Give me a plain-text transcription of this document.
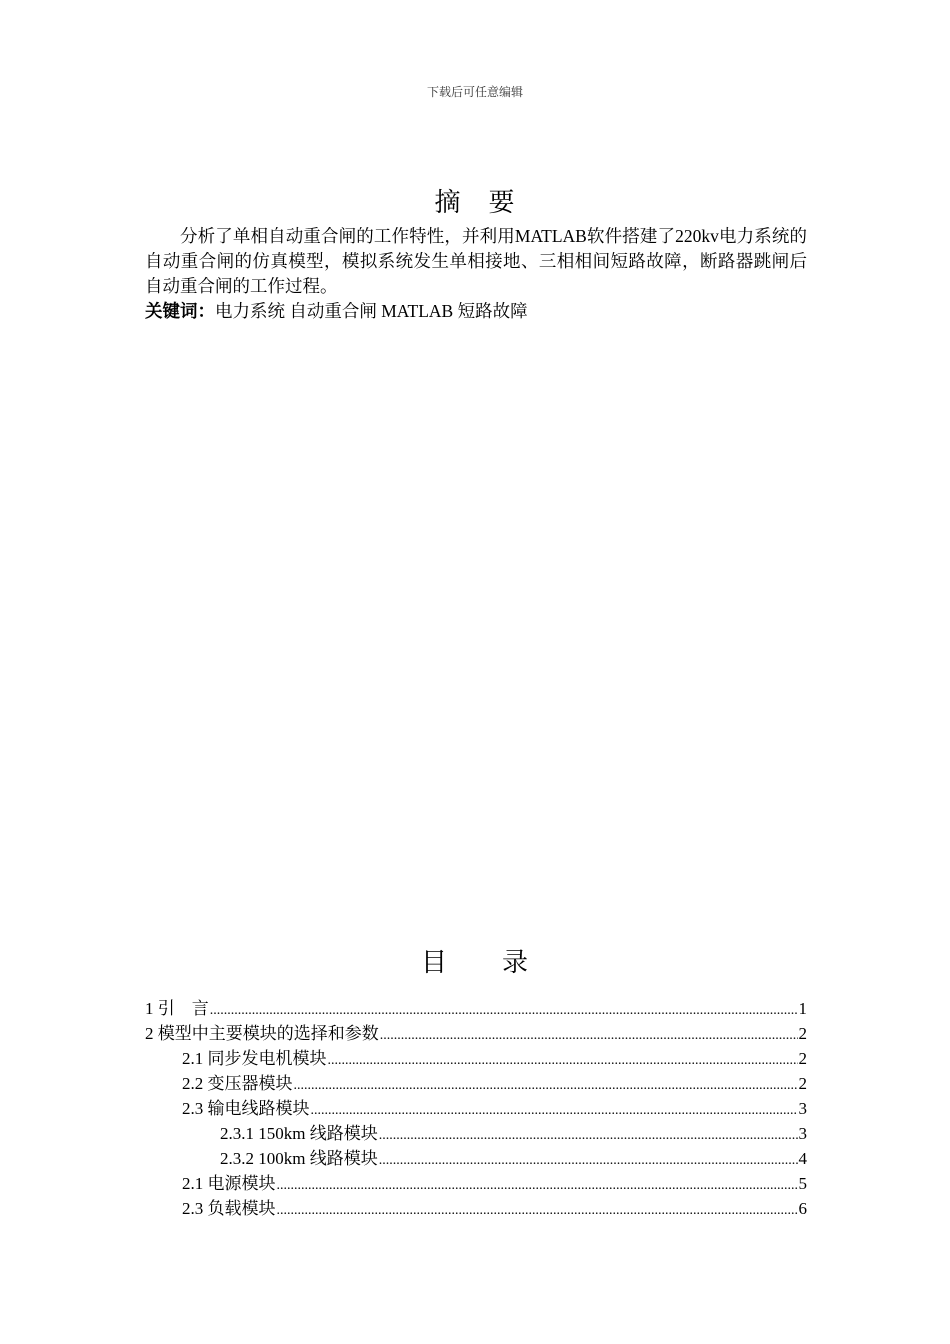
下载后可任意编辑
摘　要

分析了单相自动重合闸的工作特性，并利用MATLAB软件搭建了220kv电力系统的自动重合闸的仿真模型，模拟系统发生单相接地、三相相间短路故障，断路器跳闸后自动重合闸的工作过程。

关键词：电力系统 自动重合闸 MATLAB 短路故障
目　　录
1 引　言 .....	1
2 模型中主要模块的选择和参数 .....	2
2.1 同步发电机模块 .....	2
2.2 变压器模块 .....	2
2.3 输电线路模块 .....	3
2.3.1 150km 线路模块 .....	3
2.3.2 100km 线路模块 .....	4
2.1 电源模块 .....	5
2.3 负载模块 .....	6
